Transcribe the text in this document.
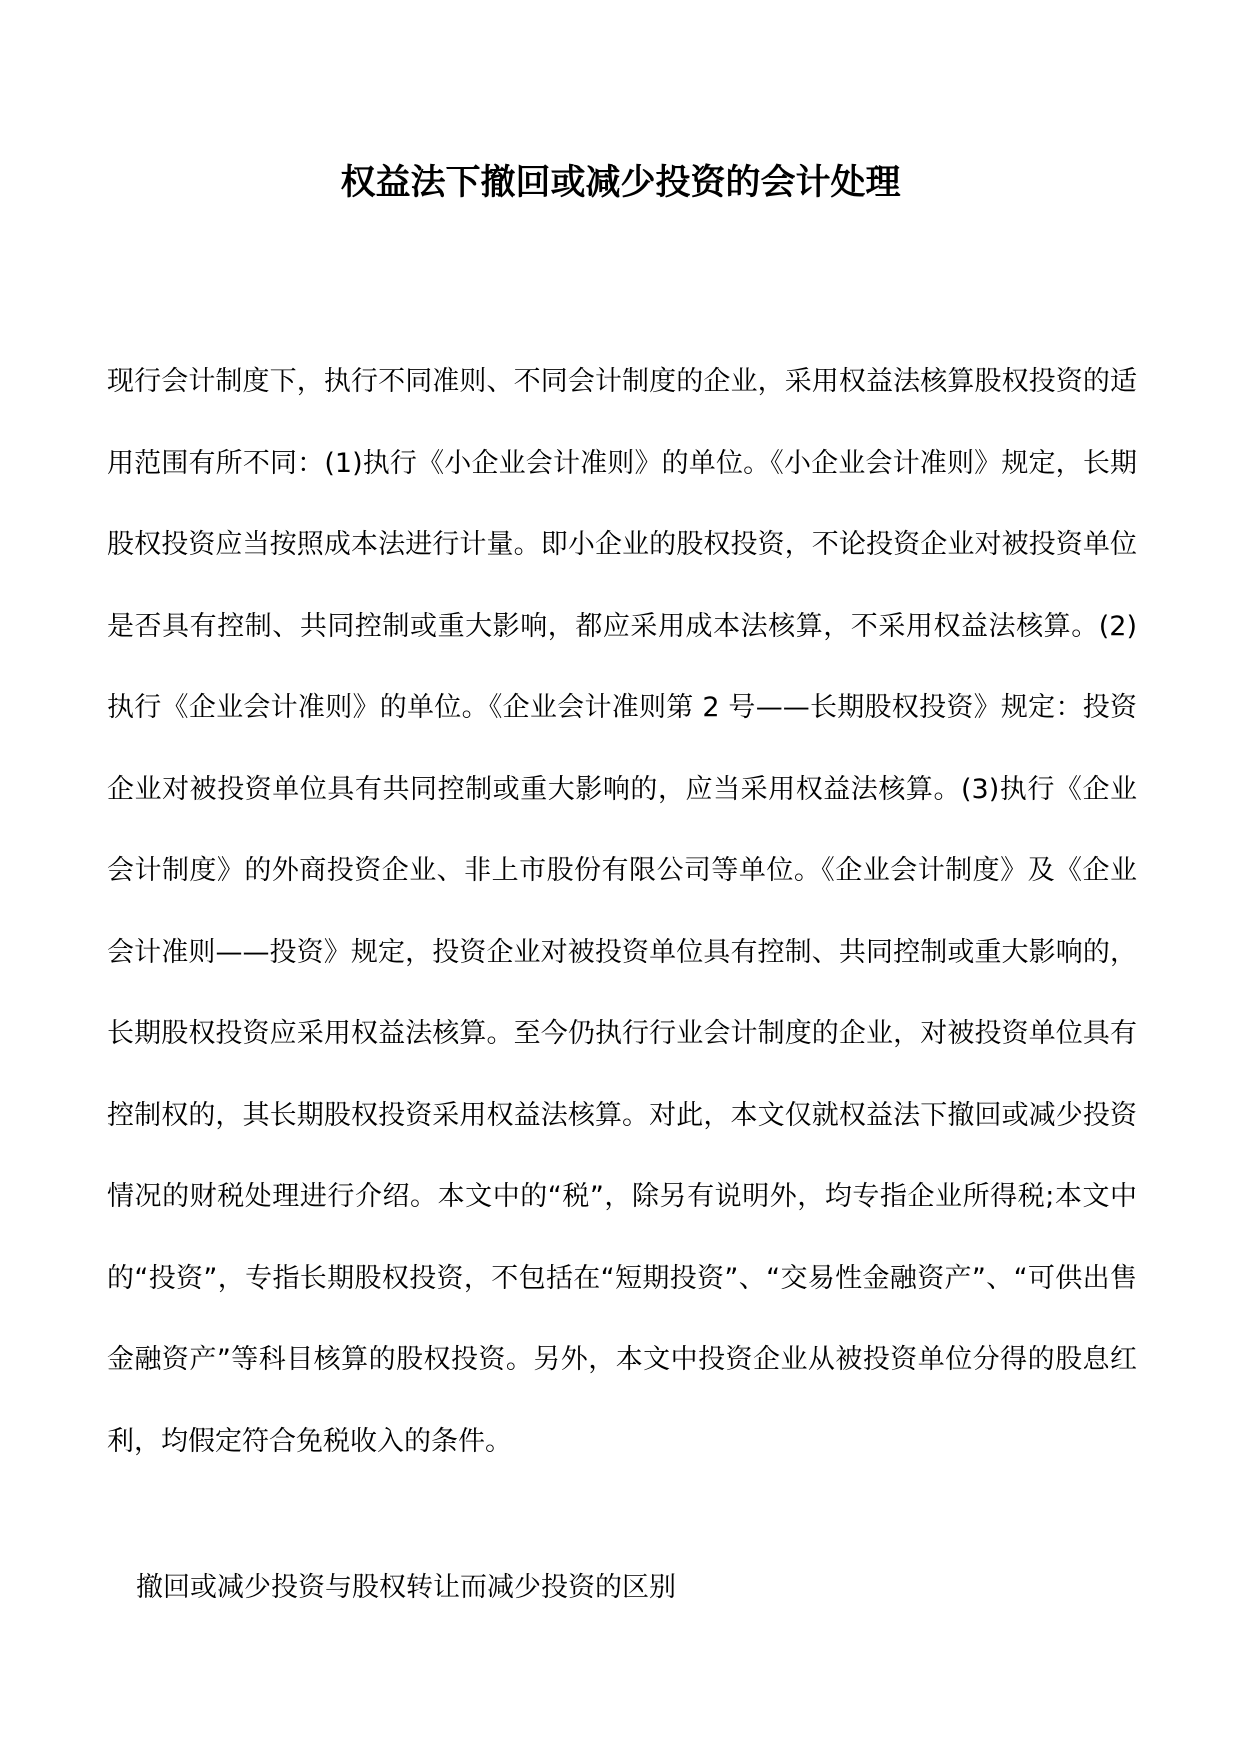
权益法下撤回或减少投资的会计处理

现行会计制度下，执行不同准则、不同会计制度的企业，采用权益法核算股权投资的适用范围有所不同：(1)执行《小企业会计准则》的单位。《小企业会计准则》规定，长期股权投资应当按照成本法进行计量。即小企业的股权投资，不论投资企业对被投资单位是否具有控制、共同控制或重大影响，都应采用成本法核算，不采用权益法核算。(2)执行《企业会计准则》的单位。《企业会计准则第 2 号——长期股权投资》规定：投资企业对被投资单位具有共同控制或重大影响的，应当采用权益法核算。(3)执行《企业会计制度》的外商投资企业、非上市股份有限公司等单位。《企业会计制度》及《企业会计准则——投资》规定，投资企业对被投资单位具有控制、共同控制或重大影响的，长期股权投资应采用权益法核算。至今仍执行行业会计制度的企业，对被投资单位具有控制权的，其长期股权投资采用权益法核算。对此，本文仅就权益法下撤回或减少投资情况的财税处理进行介绍。本文中的“税”，除另有说明外，均专指企业所得税;本文中的“投资”，专指长期股权投资，不包括在“短期投资”、“交易性金融资产”、“可供出售金融资产”等科目核算的股权投资。另外，本文中投资企业从被投资单位分得的股息红利，均假定符合免税收入的条件。

撤回或减少投资与股权转让而减少投资的区别
